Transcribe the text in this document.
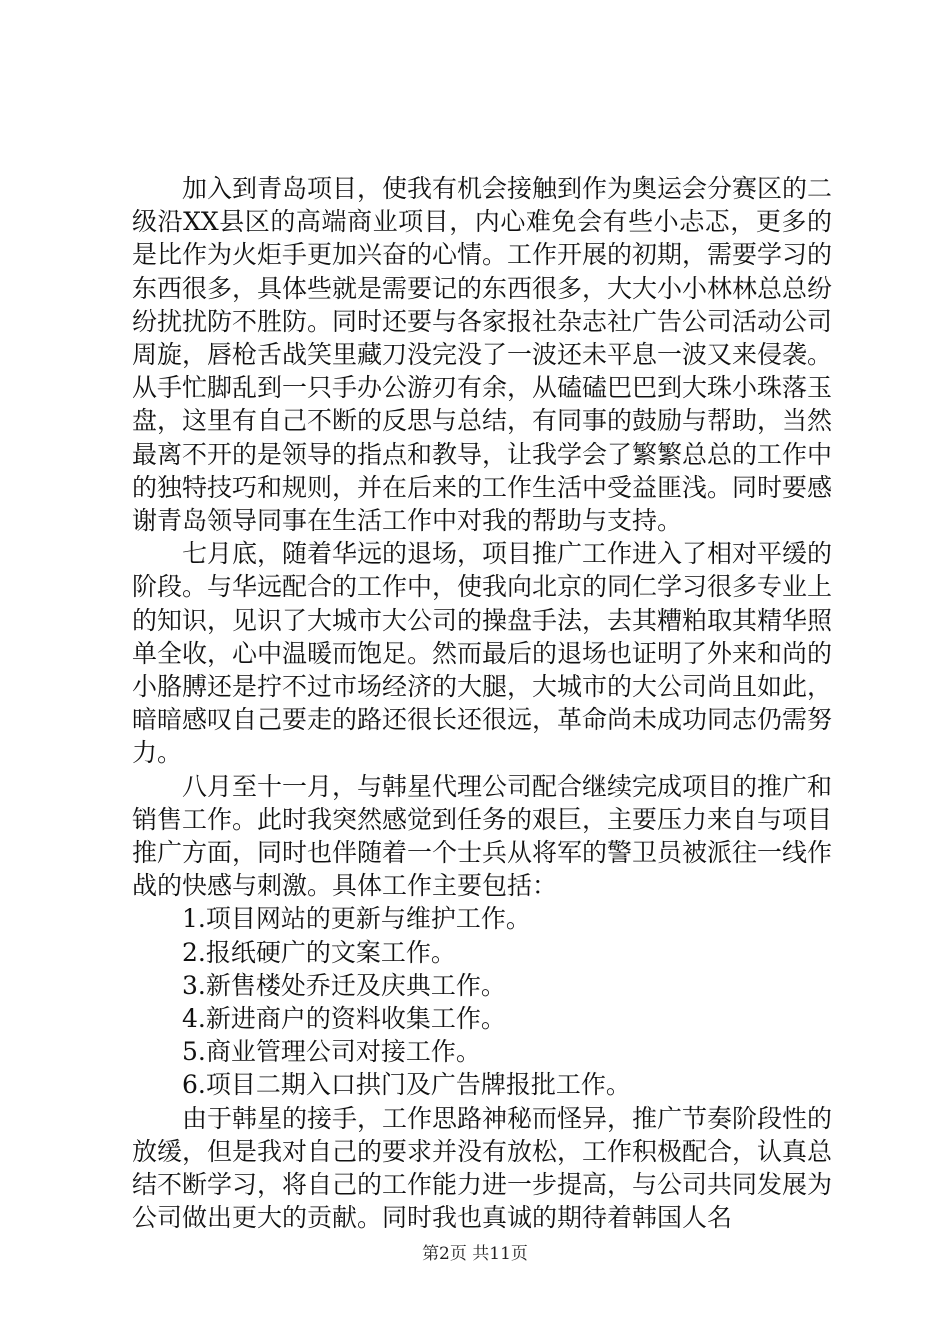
加入到青岛项目，使我有机会接触到作为奥运会分赛区的二级沿XX县区的高端商业项目，内心难免会有些小忐忑，更多的是比作为火炬手更加兴奋的心情。工作开展的初期，需要学习的东西很多，具体些就是需要记的东西很多，大大小小林林总总纷纷扰扰防不胜防。同时还要与各家报社杂志社广告公司活动公司周旋，唇枪舌战笑里藏刀没完没了一波还未平息一波又来侵袭。从手忙脚乱到一只手办公游刃有余，从磕磕巴巴到大珠小珠落玉盘，这里有自己不断的反思与总结，有同事的鼓励与帮助，当然最离不开的是领导的指点和教导，让我学会了繁繁总总的工作中的独特技巧和规则，并在后来的工作生活中受益匪浅。同时要感谢青岛领导同事在生活工作中对我的帮助与支持。

七月底，随着华远的退场，项目推广工作进入了相对平缓的阶段。与华远配合的工作中，使我向北京的同仁学习很多专业上的知识，见识了大城市大公司的操盘手法，去其糟粕取其精华照单全收，心中温暖而饱足。然而最后的退场也证明了外来和尚的小胳膊还是拧不过市场经济的大腿，大城市的大公司尚且如此，暗暗感叹自己要走的路还很长还很远，革命尚未成功同志仍需努力。

八月至十一月，与韩星代理公司配合继续完成项目的推广和销售工作。此时我突然感觉到任务的艰巨，主要压力来自与项目推广方面，同时也伴随着一个士兵从将军的警卫员被派往一线作战的快感与刺激。具体工作主要包括：

1.项目网站的更新与维护工作。

2.报纸硬广的文案工作。

3.新售楼处乔迁及庆典工作。

4.新进商户的资料收集工作。

5.商业管理公司对接工作。

6.项目二期入口拱门及广告牌报批工作。

由于韩星的接手，工作思路神秘而怪异，推广节奏阶段性的放缓，但是我对自己的要求并没有放松，工作积极配合，认真总结不断学习，将自己的工作能力进一步提高，与公司共同发展为公司做出更大的贡献。同时我也真诚的期待着韩国人名

第2页 共11页
